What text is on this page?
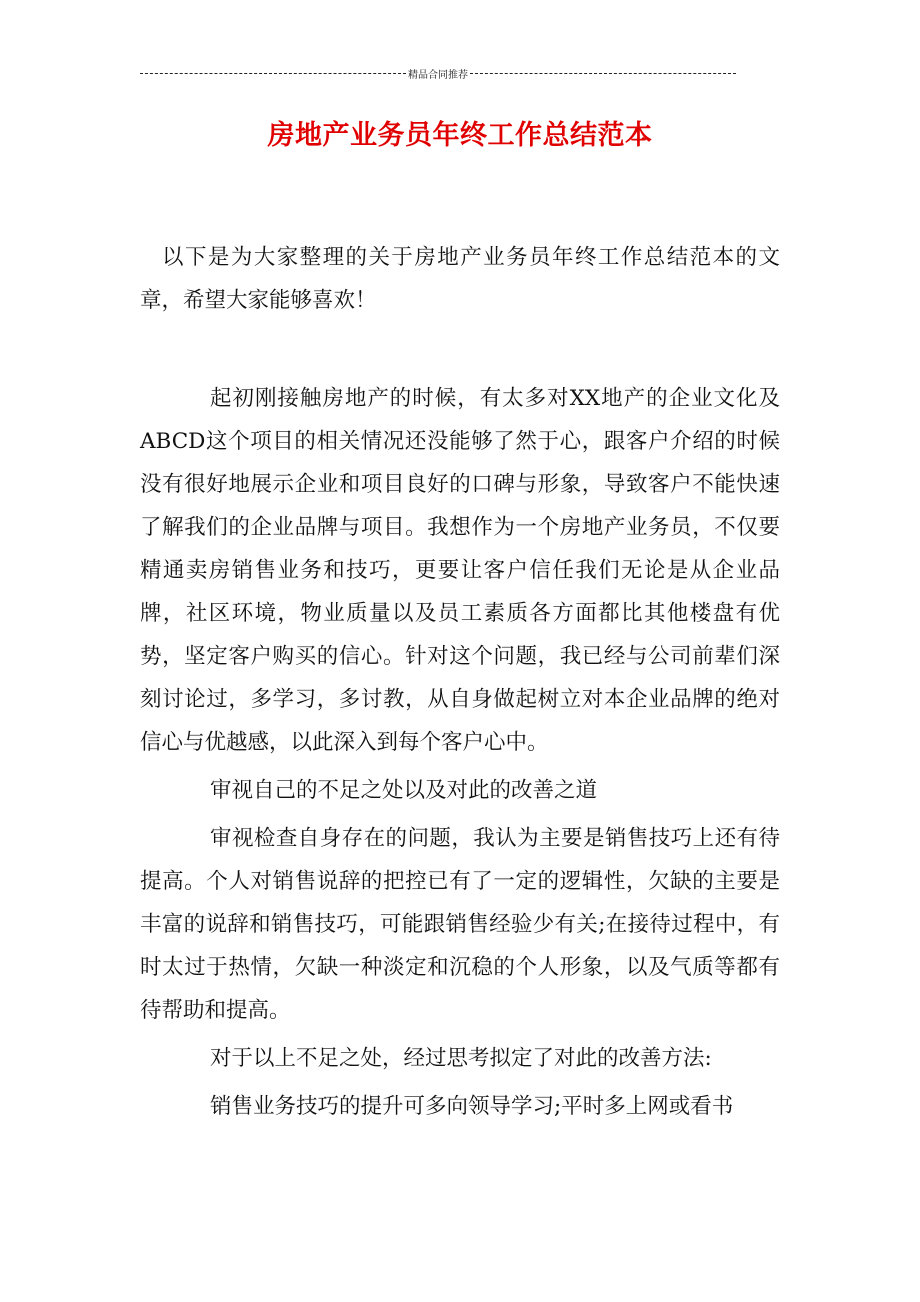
精品合同推荐
房地产业务员年终工作总结范本

以下是为大家整理的关于房地产业务员年终工作总结范本的文章，希望大家能够喜欢！

起初刚接触房地产的时候，有太多对XX地产的企业文化及ABCD这个项目的相关情况还没能够了然于心，跟客户介绍的时候没有很好地展示企业和项目良好的口碑与形象，导致客户不能快速了解我们的企业品牌与项目。我想作为一个房地产业务员，不仅要精通卖房销售业务和技巧，更要让客户信任我们无论是从企业品牌，社区环境，物业质量以及员工素质各方面都比其他楼盘有优势，坚定客户购买的信心。针对这个问题，我已经与公司前辈们深刻讨论过，多学习，多讨教，从自身做起树立对本企业品牌的绝对信心与优越感，以此深入到每个客户心中。

审视自己的不足之处以及对此的改善之道

审视检查自身存在的问题，我认为主要是销售技巧上还有待提高。个人对销售说辞的把控已有了一定的逻辑性，欠缺的主要是丰富的说辞和销售技巧，可能跟销售经验少有关;在接待过程中，有时太过于热情，欠缺一种淡定和沉稳的个人形象，以及气质等都有待帮助和提高。

对于以上不足之处，经过思考拟定了对此的改善方法:

销售业务技巧的提升可多向领导学习;平时多上网或看书
